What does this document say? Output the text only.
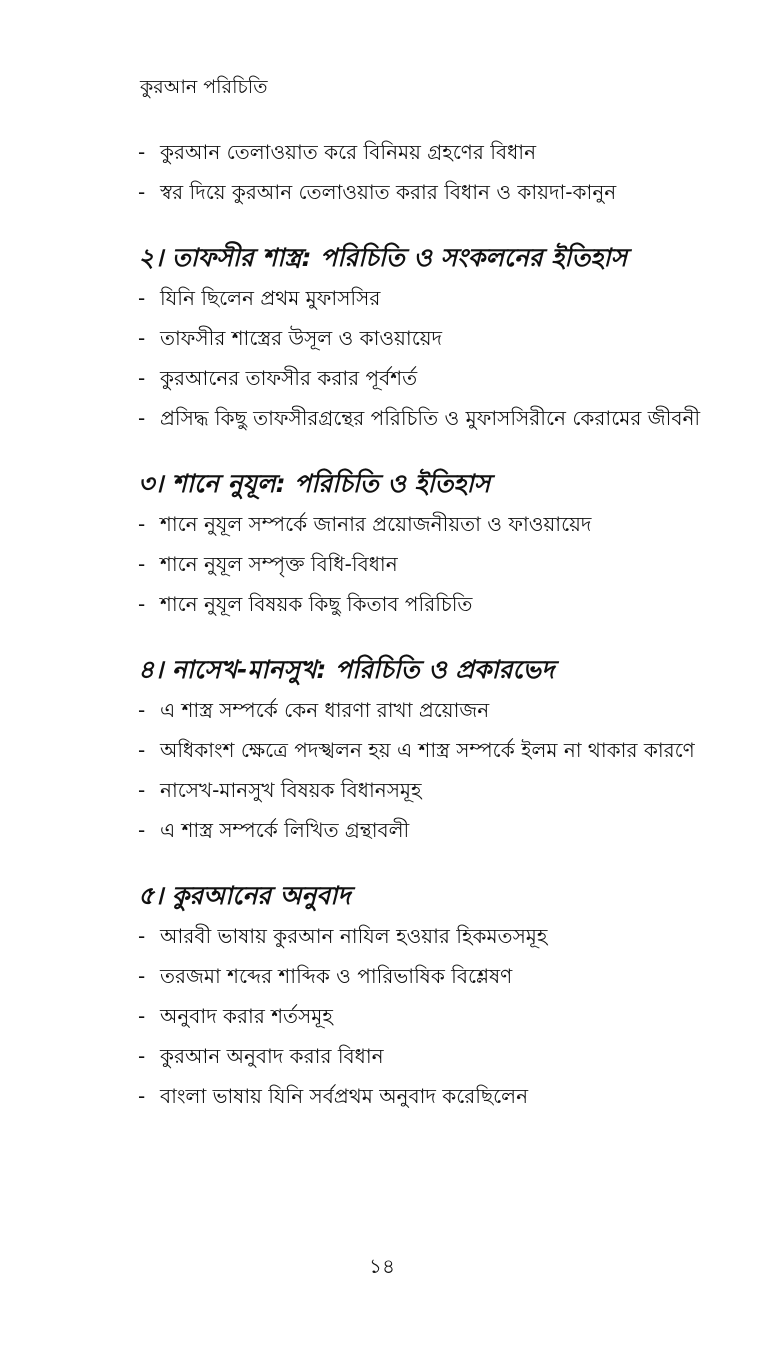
কুরআন পরিচিতি
- কুরআন তেলাওয়াত করে বিনিময় গ্রহণের বিধান
- স্বর দিয়ে কুরআন তেলাওয়াত করার বিধান ও কায়দা-কানুন
২। তাফসীর শাস্ত্র: পরিচিতি ও সংকলনের ইতিহাস
- যিনি ছিলেন প্রথম মুফাসসির
- তাফসীর শাস্ত্রের উসূল ও কাওয়ায়েদ
- কুরআনের তাফসীর করার পূর্বশর্ত
- প্রসিদ্ধ কিছু তাফসীরগ্রন্থের পরিচিতি ও মুফাসসিরীনে কেরামের জীবনী
৩। শানে নুযূল: পরিচিতি ও ইতিহাস
- শানে নুযূল সম্পর্কে জানার প্রয়োজনীয়তা ও ফাওয়ায়েদ
- শানে নুযূল সম্পৃক্ত বিধি-বিধান
- শানে নুযূল বিষয়ক কিছু কিতাব পরিচিতি
৪। নাসেখ-মানসুখ: পরিচিতি ও প্রকারভেদ
- এ শাস্ত্র সম্পর্কে কেন ধারণা রাখা প্রয়োজন
- অধিকাংশ ক্ষেত্রে পদস্খলন হয় এ শাস্ত্র সম্পর্কে ইলম না থাকার কারণে
- নাসেখ-মানসুখ বিষয়ক বিধানসমূহ
- এ শাস্ত্র সম্পর্কে লিখিত গ্রন্থাবলী
৫। কুরআনের অনুবাদ
- আরবী ভাষায় কুরআন নাযিল হওয়ার হিকমতসমূহ
- তরজমা শব্দের শাব্দিক ও পারিভাষিক বিশ্লেষণ
- অনুবাদ করার শর্তসমূহ
- কুরআন অনুবাদ করার বিধান
- বাংলা ভাষায় যিনি সর্বপ্রথম অনুবাদ করেছিলেন
১৪
